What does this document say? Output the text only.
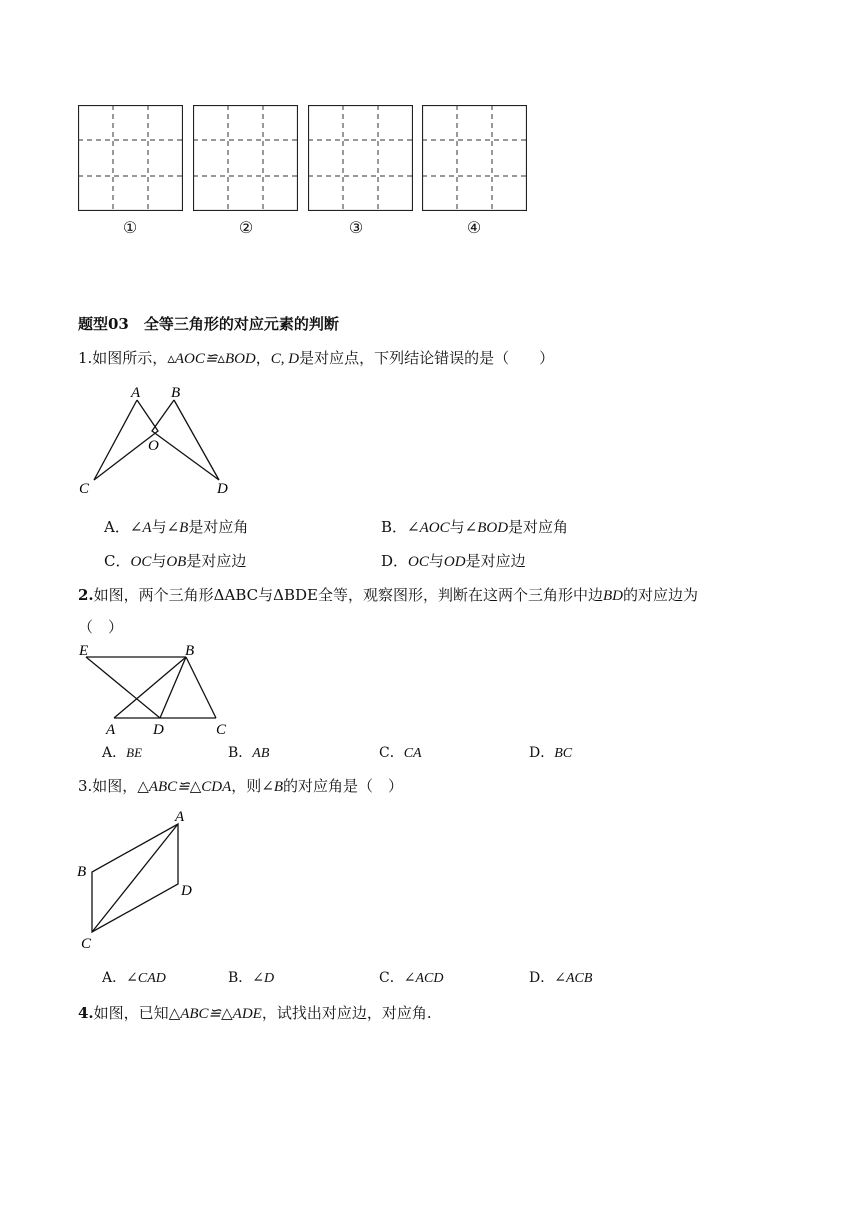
①	②	③	④
题型03　全等三角形的对应元素的判断
1.如图所示，▵AOC≌▵BOD，C, D是对应点，下列结论错误的是（　　）
A B
O
C	D
A．∠A与∠B是对应角	B．∠AOC与∠BOD是对应角
C．OC与OB是对应边	D．OC与OD是对应边
2.如图，两个三角形ΔABC与ΔBDE全等，观察图形，判断在这两个三角形中边BD的对应边为
（　）
E	B
A	D	C
A．BE	B．AB	C．CA	D．BC
3.如图，△ABC≌△CDA，则∠B的对应角是（　）
A
B
C
D
A．∠CAD	B．∠D	C．∠ACD	D．∠ACB
4.如图，已知△ABC≌△ADE，试找出对应边，对应角.
